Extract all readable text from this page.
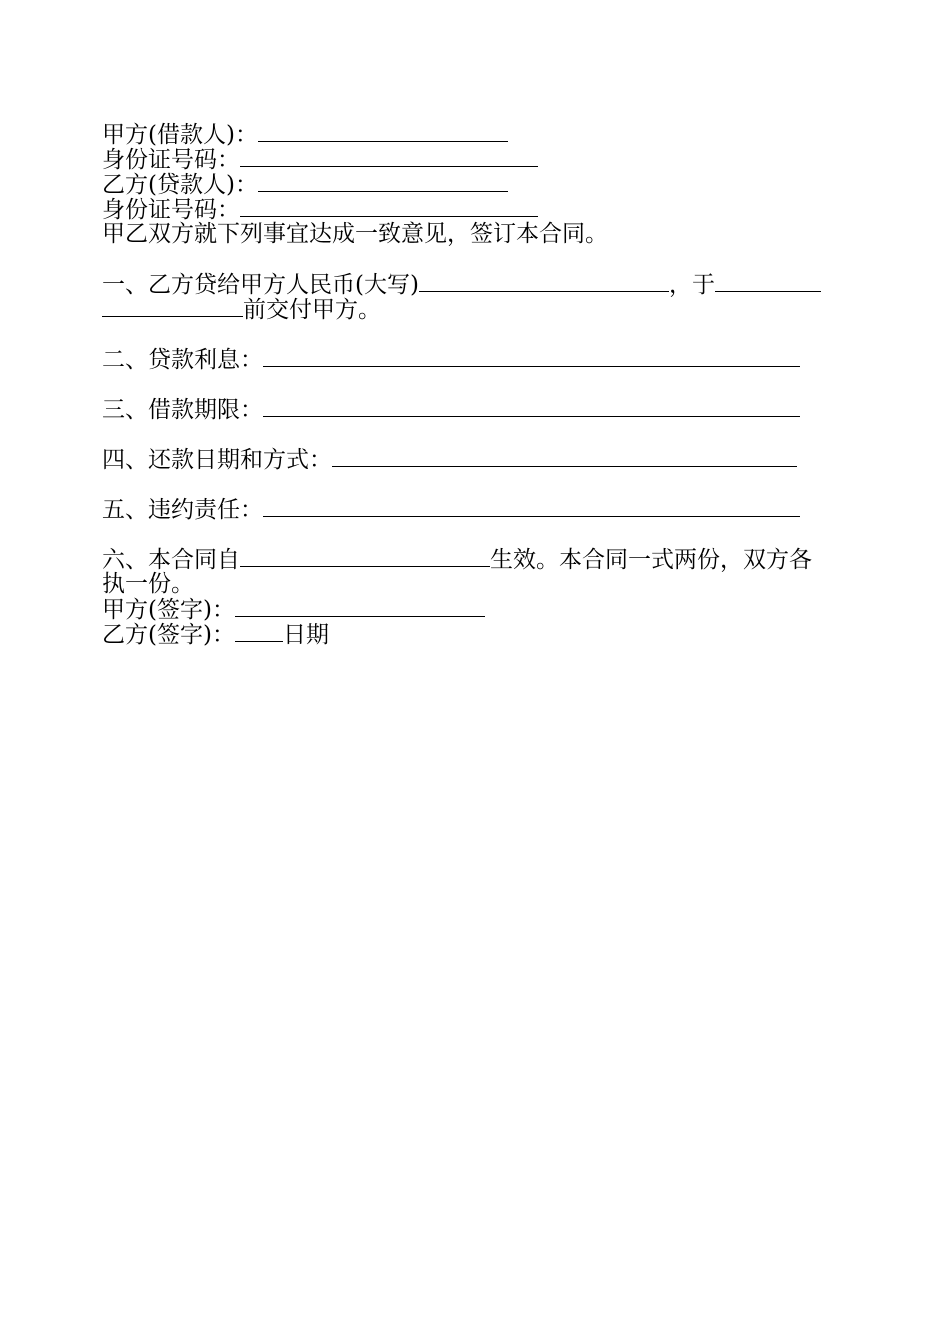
甲方(借款人)：
身份证号码：
乙方(贷款人)：
身份证号码：
甲乙双方就下列事宜达成一致意见，签订本合同。
一、乙方贷给甲方人民币(大写)	，于
前交付甲方。
二、贷款利息：
三、借款期限：
四、还款日期和方式：
五、违约责任：
六、本合同自	生效。本合同一式两份，双方各
执一份。
甲方(签字)：
乙方(签字)： 日期
